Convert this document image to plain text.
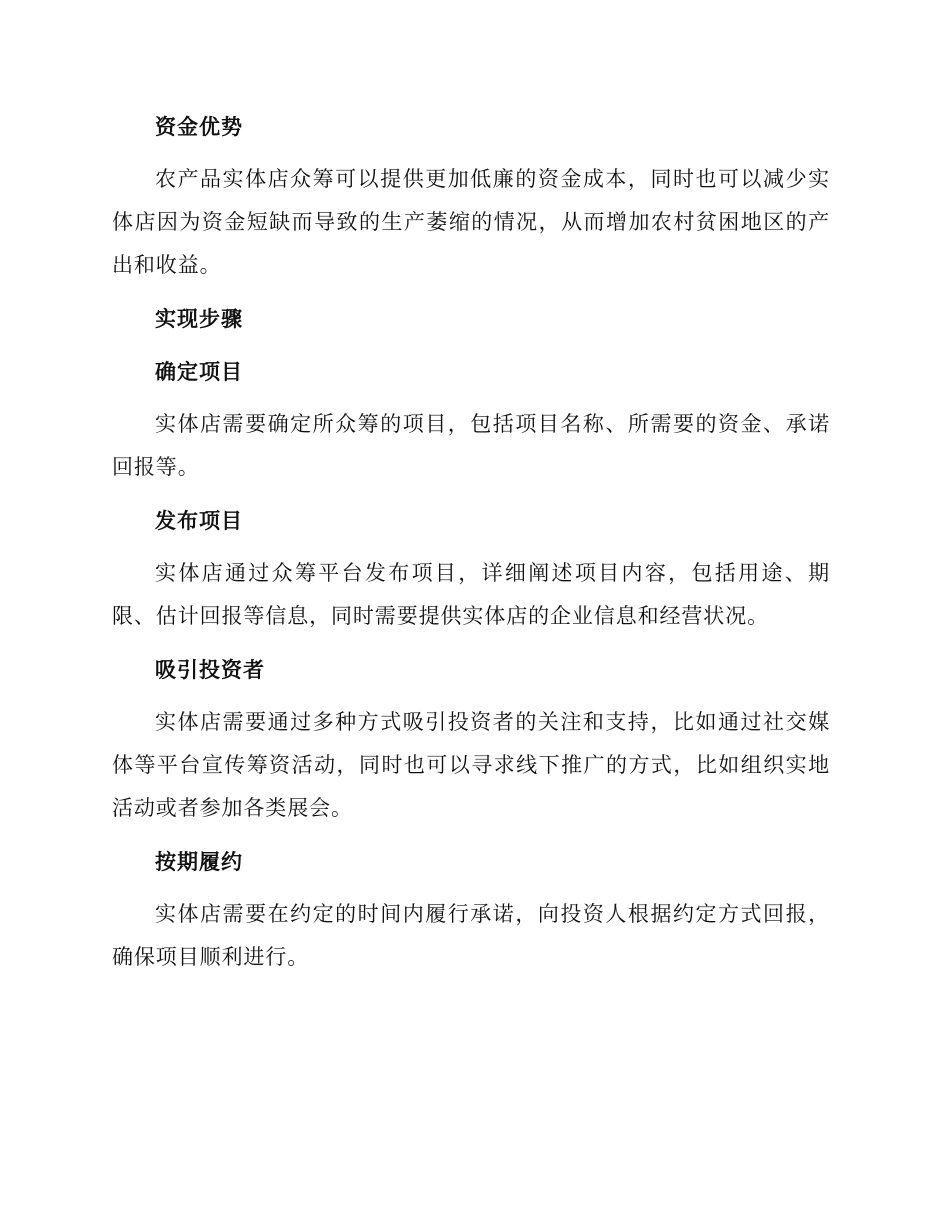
资金优势

农产品实体店众筹可以提供更加低廉的资金成本，同时也可以减少实体店因为资金短缺而导致的生产萎缩的情况，从而增加农村贫困地区的产出和收益。

实现步骤
确定项目

实体店需要确定所众筹的项目，包括项目名称、所需要的资金、承诺回报等。

发布项目

实体店通过众筹平台发布项目，详细阐述项目内容，包括用途、期限、估计回报等信息，同时需要提供实体店的企业信息和经营状况。

吸引投资者

实体店需要通过多种方式吸引投资者的关注和支持，比如通过社交媒体等平台宣传筹资活动，同时也可以寻求线下推广的方式，比如组织实地活动或者参加各类展会。

按期履约

实体店需要在约定的时间内履行承诺，向投资人根据约定方式回报，确保项目顺利进行。
